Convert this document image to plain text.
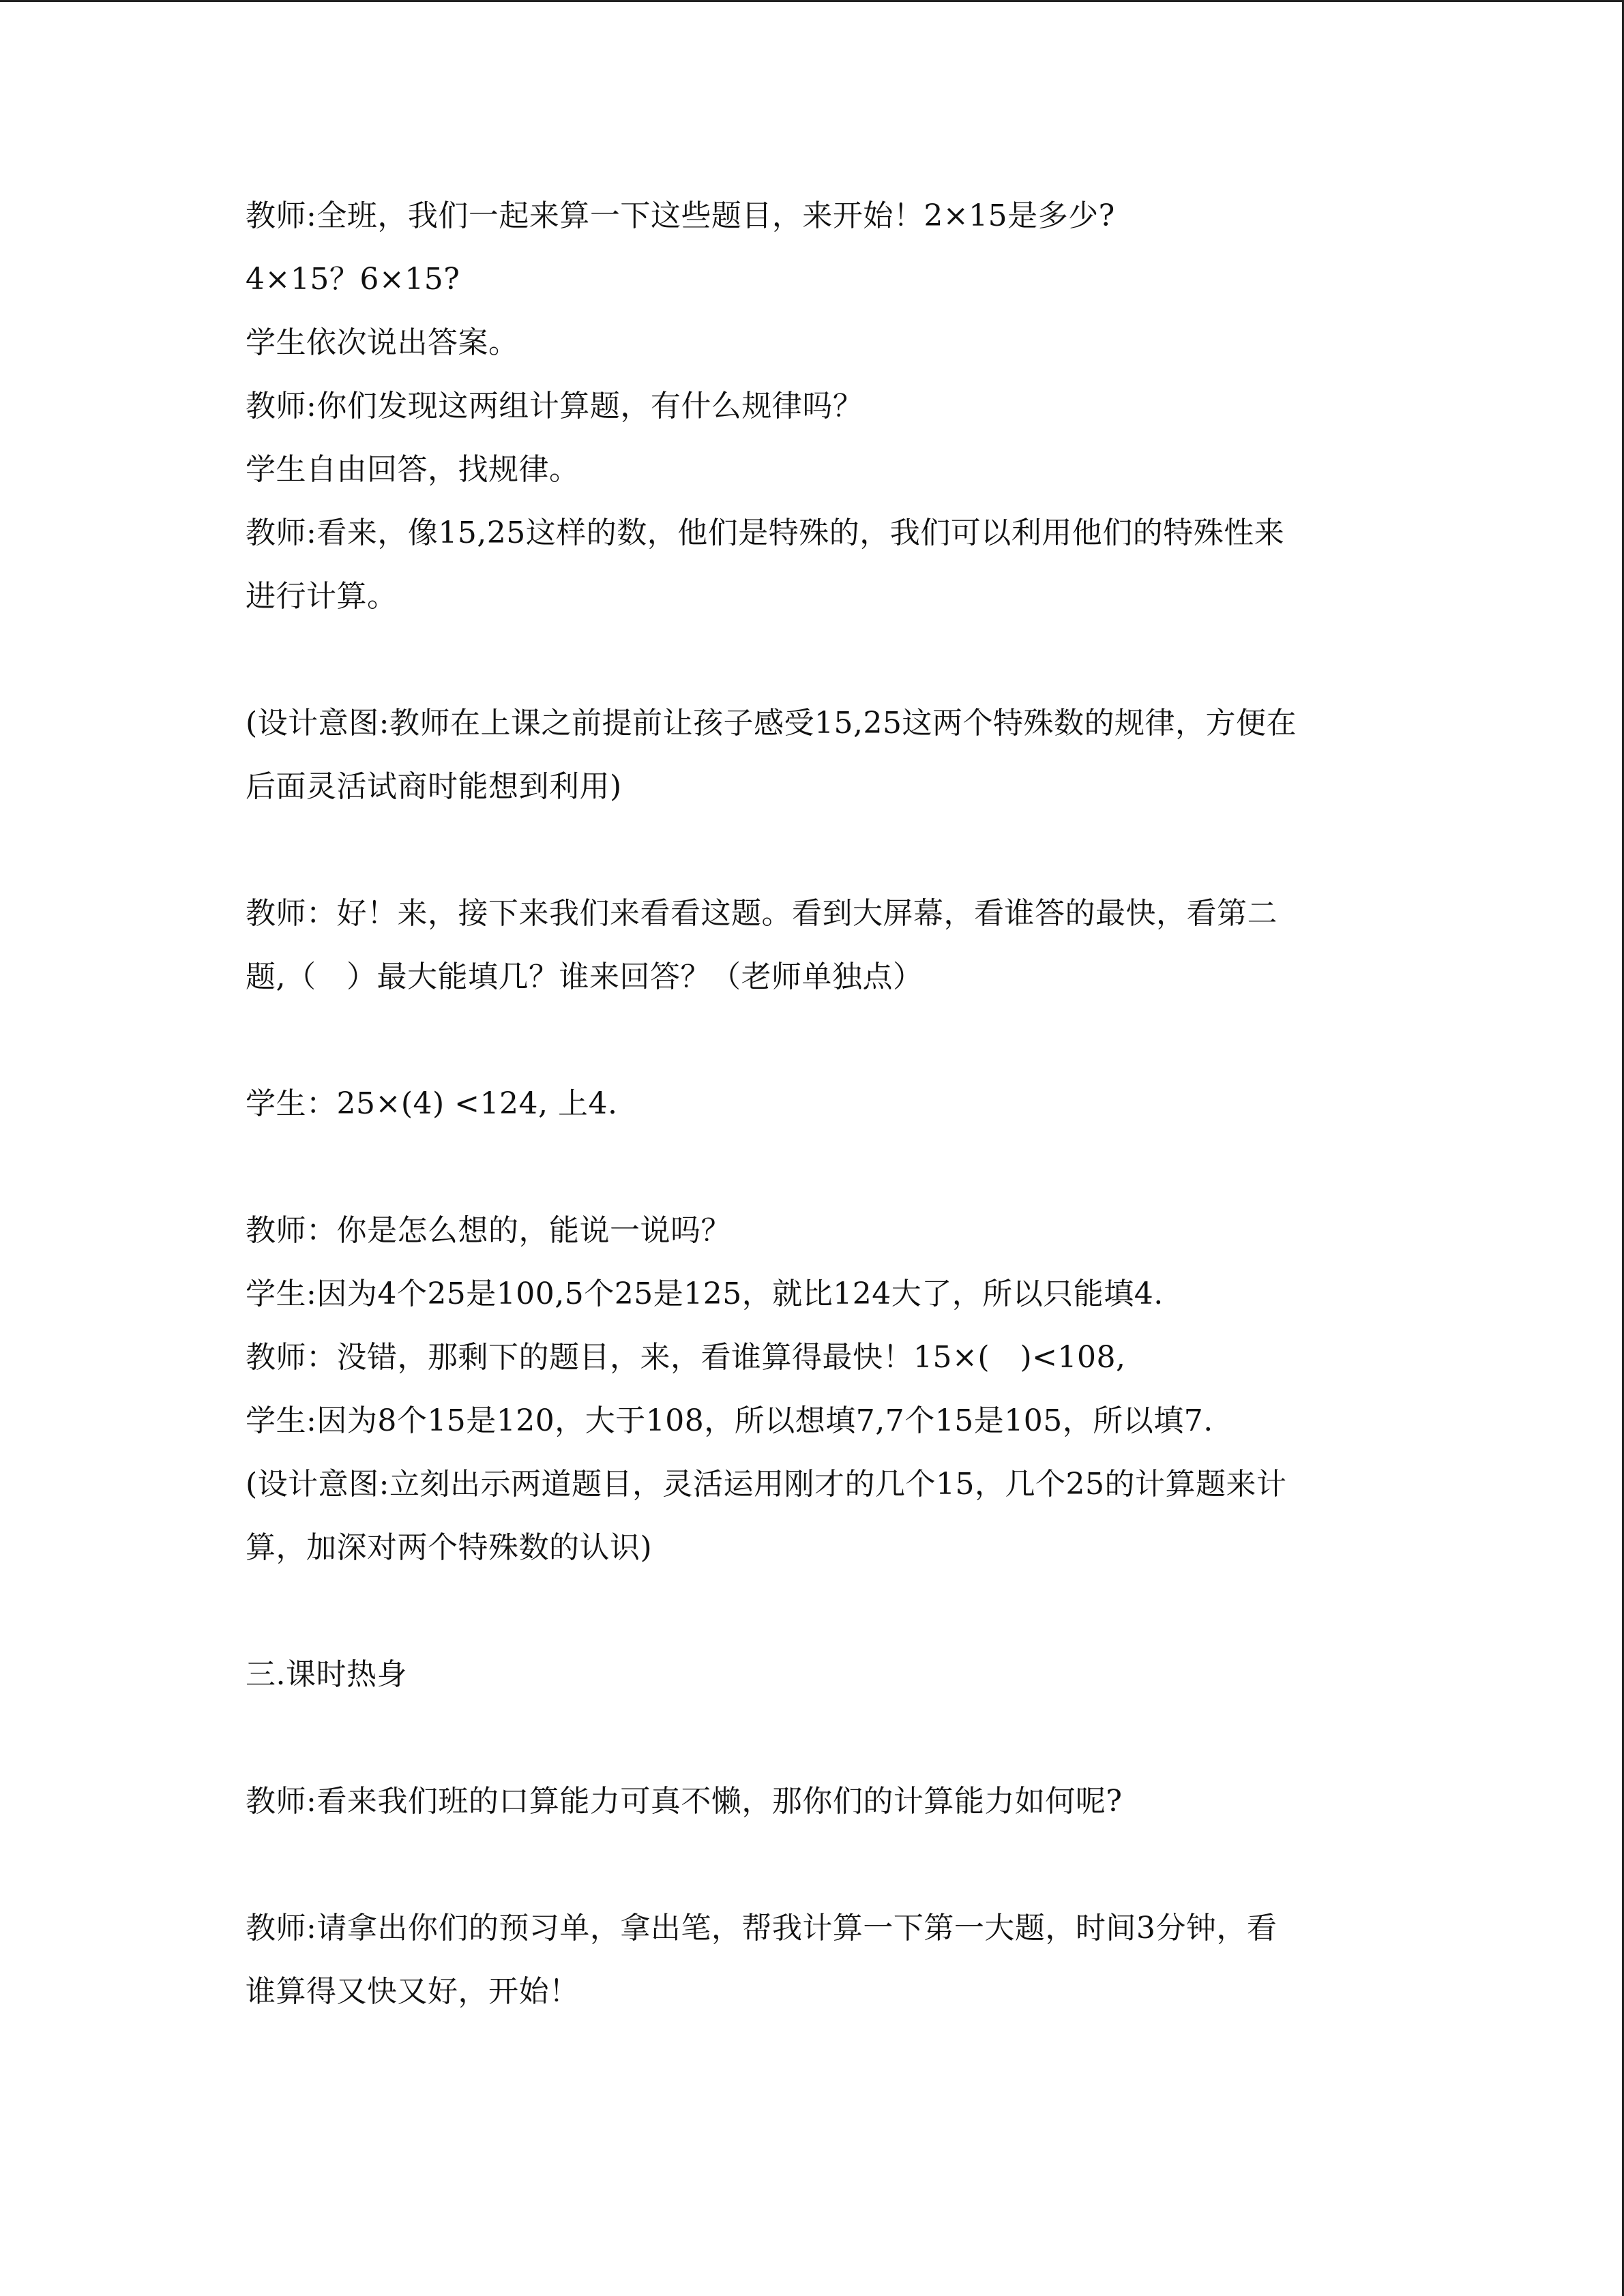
教师:全班，我们一起来算一下这些题目，来开始！2×15是多少?
4×15？6×15?
学生依次说出答案。
教师:你们发现这两组计算题，有什么规律吗？
学生自由回答，找规律。
教师:看来，像15,25这样的数，他们是特殊的，我们可以利用他们的特殊性来
进行计算。
(设计意图:教师在上课之前提前让孩子感受15,25这两个特殊数的规律，方便在
后面灵活试商时能想到利用)
教师：好！来，接下来我们来看看这题。看到大屏幕，看谁答的最快，看第二
题,（　）最大能填几？谁来回答？（老师单独点）
学生：25×(4) <124, 上4.
教师：你是怎么想的，能说一说吗？
学生:因为4个25是100,5个25是125，就比124大了，所以只能填4.
教师：没错，那剩下的题目，来，看谁算得最快！15×(　)<108,
学生:因为8个15是120，大于108，所以想填7,7个15是105，所以填7.
(设计意图:立刻出示两道题目，灵活运用刚才的几个15，几个25的计算题来计
算，加深对两个特殊数的认识)
三.课时热身
教师:看来我们班的口算能力可真不懒，那你们的计算能力如何呢?
教师:请拿出你们的预习单，拿出笔，帮我计算一下第一大题，时间3分钟，看
谁算得又快又好，开始！
